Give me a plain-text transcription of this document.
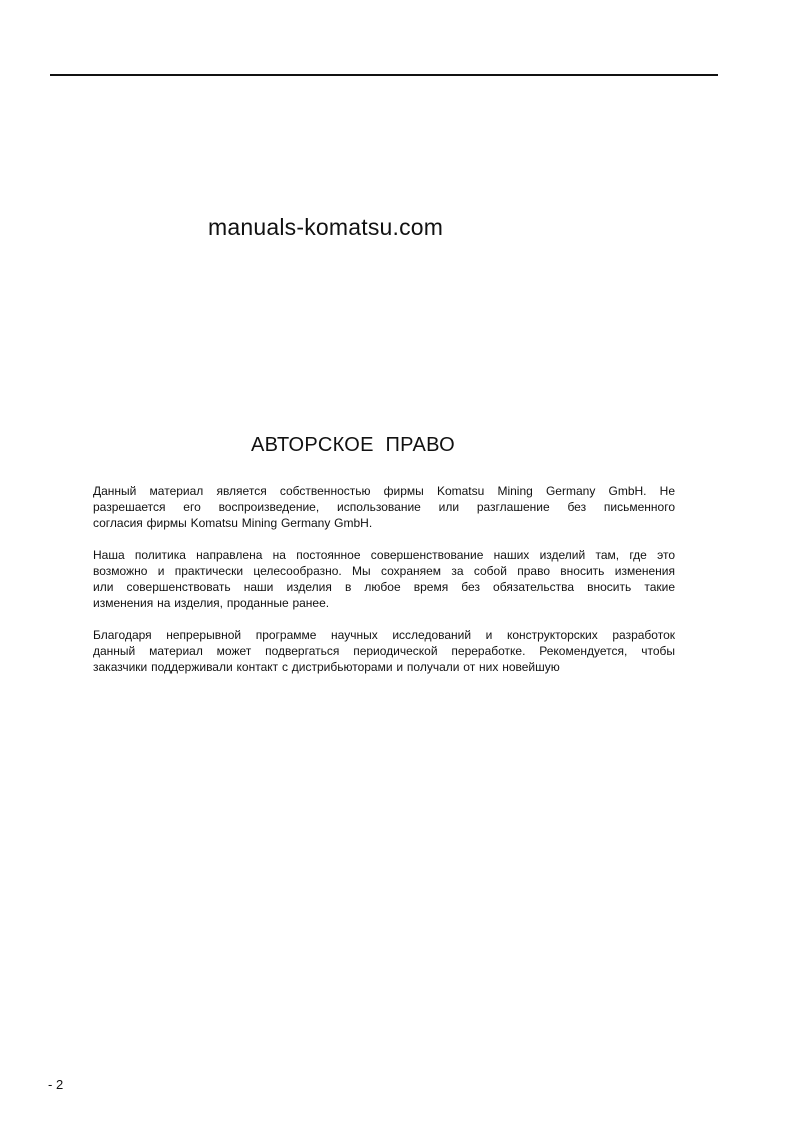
manuals-komatsu.com
АВТОРСКОЕ  ПРАВО

Данный материал является собственностью фирмы Komatsu Mining Germany GmbH. Не
разрешается его воспроизведение, использование или разглашение без письменного
согласия фирмы Komatsu Mining Germany GmbH.

Наша политика направлена на постоянное совершенствование наших изделий там, где это
возможно и практически целесообразно. Мы сохраняем за собой право вносить изменения
или совершенствовать наши изделия в любое время без обязательства вносить такие
изменения на изделия, проданные ранее.

Благодаря непрерывной программе научных исследований и конструкторских разработок
данный материал может подвергаться периодической переработке. Рекомендуется, чтобы
заказчики поддерживали контакт с дистрибьюторами и получали от них новейшую

- 2
